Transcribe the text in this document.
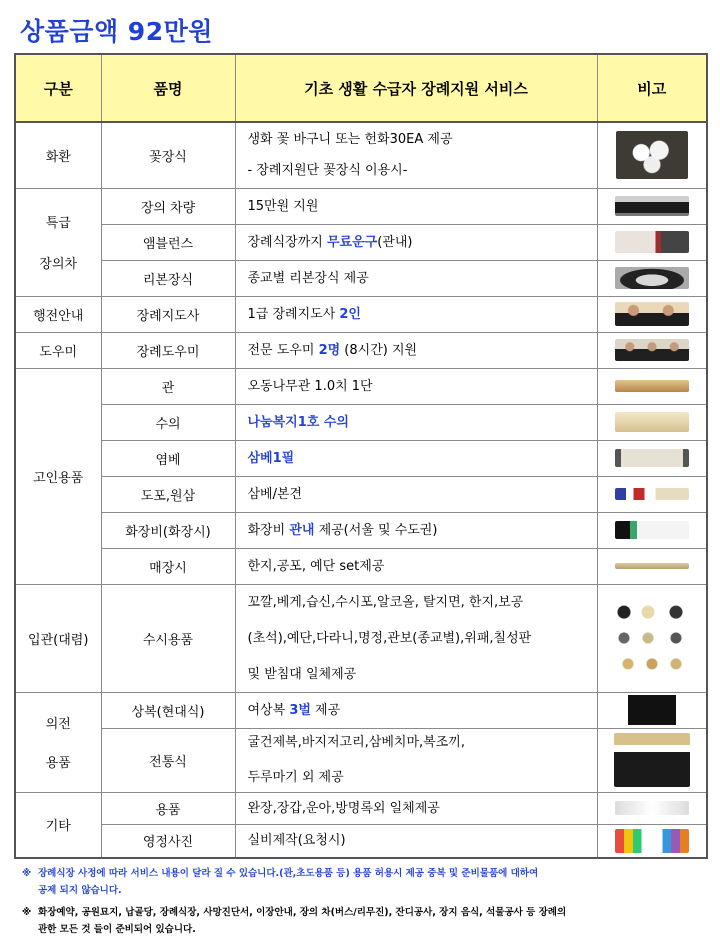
상품금액 92만원
구분	품명	기초 생활 수급자 장례지원 서비스	비고
화환	꽃장식	생화 꽃 바구니 또는 헌화30EA 제공
- 장례지원단 꽃장식 이용시-	

특급
장의차	장의 차량	15만원 지원	
	앰블런스	장례식장까지 무료운구(관내)	
	리본장식	종교별 리본장식 제공	
행전안내	장례지도사	1급 장례지도사 2인	
도우미	장례도우미	전문 도우미 2명 (8시간) 지원	
고인용품	관	오동나무관 1.0치 1단	
	수의	나눔복지1호 수의	
	염베	삼베1필	
	도포,원삼	삼베/본견	
	화장비(화장시)	화장비 관내 제공(서울 및 수도권)	
	매장시	한지,공포, 예단 set제공	
입관(대렴)	수시용품	꼬깔,베게,습신,수시포,알코올, 탈지면, 한지,보공
(초석),예단,다라니,명정,관보(종교별),위패,칠성판
및 받침대 일체제공	

의전
용품	상복(현대식)	여상복 3벌 제공	
	전통식	굴건제복,바지저고리,삼베치마,복조끼,
두루마기 외 제공	

기타	용품	완장,장갑,운아,방명록외 일체제공	
	영정사진	실비제작(요청시)	
※ 장례식장 사정에 따라 서비스 내용이 달라 질 수 있습니다.(관,초도용품 등) 용품 허용시 제공 중복 및 준비물품에 대하여
공제 되지 않습니다.
※ 화장예약, 공원묘지, 납골당, 장례식장, 사망진단서, 이장안내, 장의 차(버스/리무진), 잔디공사, 장지 음식, 석물공사 등 장례의
관한 모든 것 들이 준비되어 있습니다.
